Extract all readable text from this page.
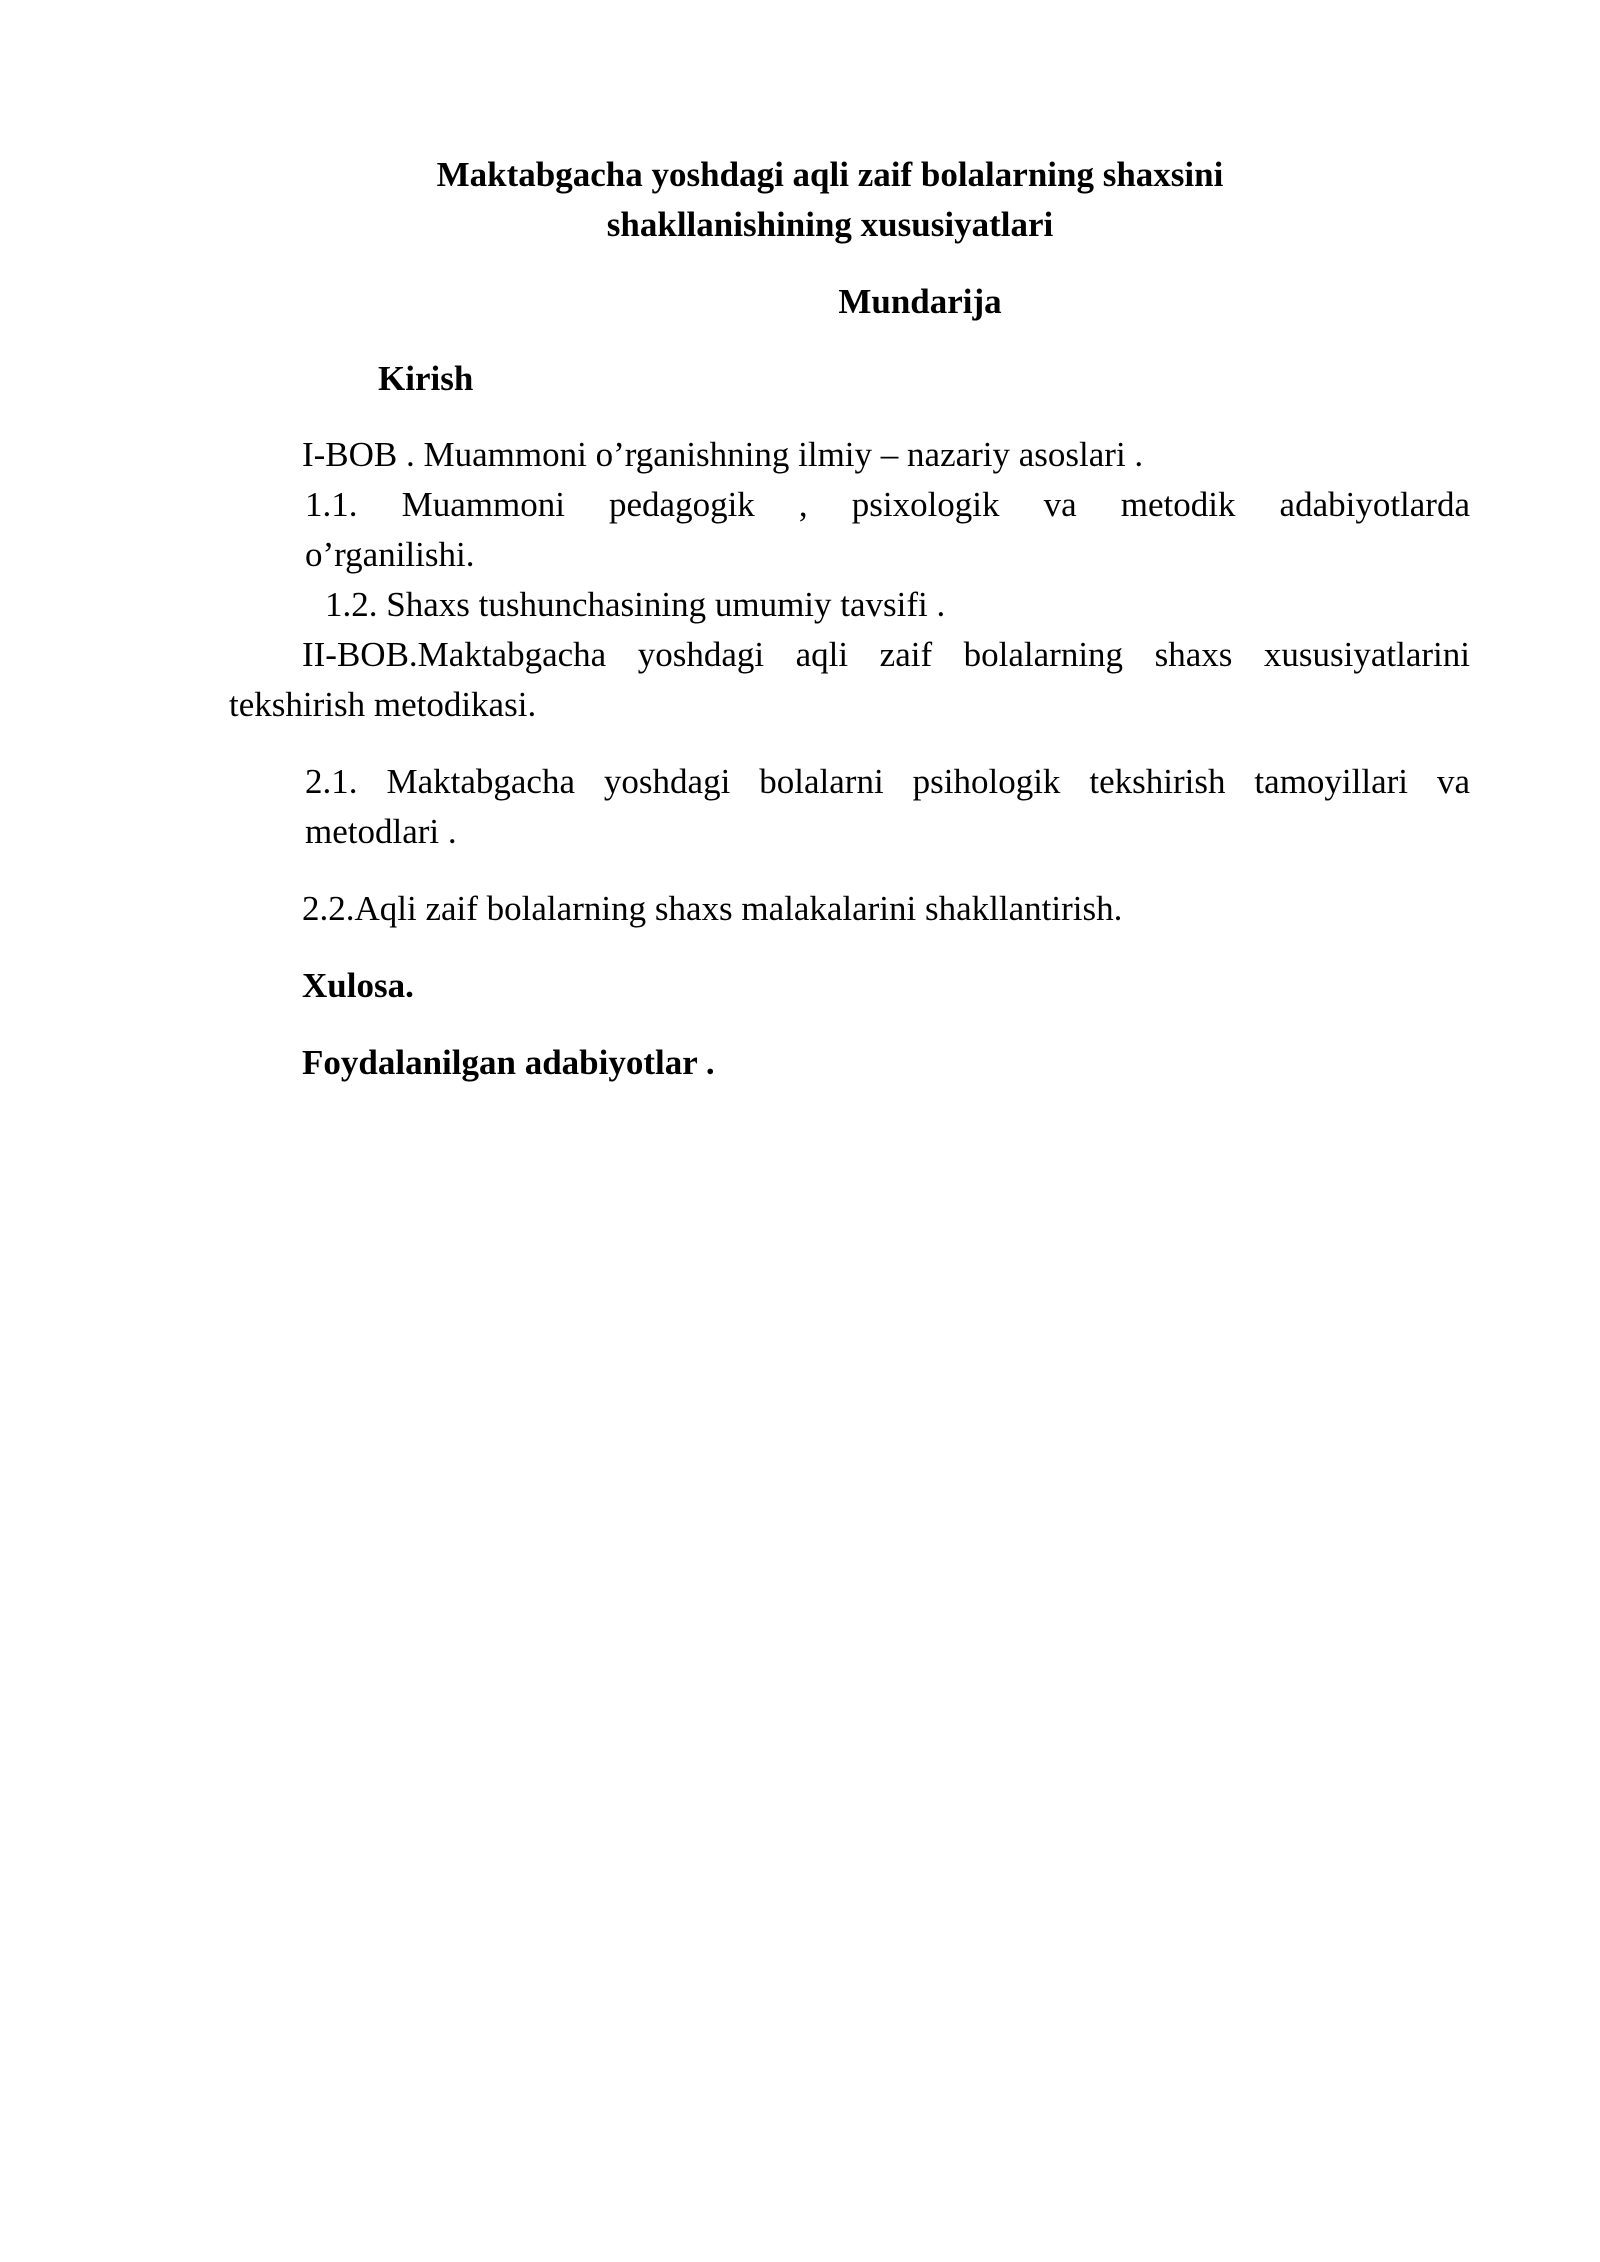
Maktabgacha yoshdagi aqli zaif bolalarning shaxsini
shakllanishining xususiyatlari
Mundarija
Kirish
I-BOB . Muammoni o’rganishning ilmiy – nazariy asoslari .
1.1. Muammoni pedagogik , psixologik va metodik adabiyotlarda
o’rganilishi.
1.2. Shaxs tushunchasining umumiy tavsifi .
II-BOB.Maktabgacha yoshdagi aqli zaif bolalarning shaxs xususiyatlarini
tekshirish metodikasi.
2.1. Maktabgacha yoshdagi bolalarni psihologik tekshirish tamoyillari va
metodlari .
2.2.Aqli zaif bolalarning shaxs malakalarini shakllantirish.
Xulosa.
Foydalanilgan adabiyotlar .
